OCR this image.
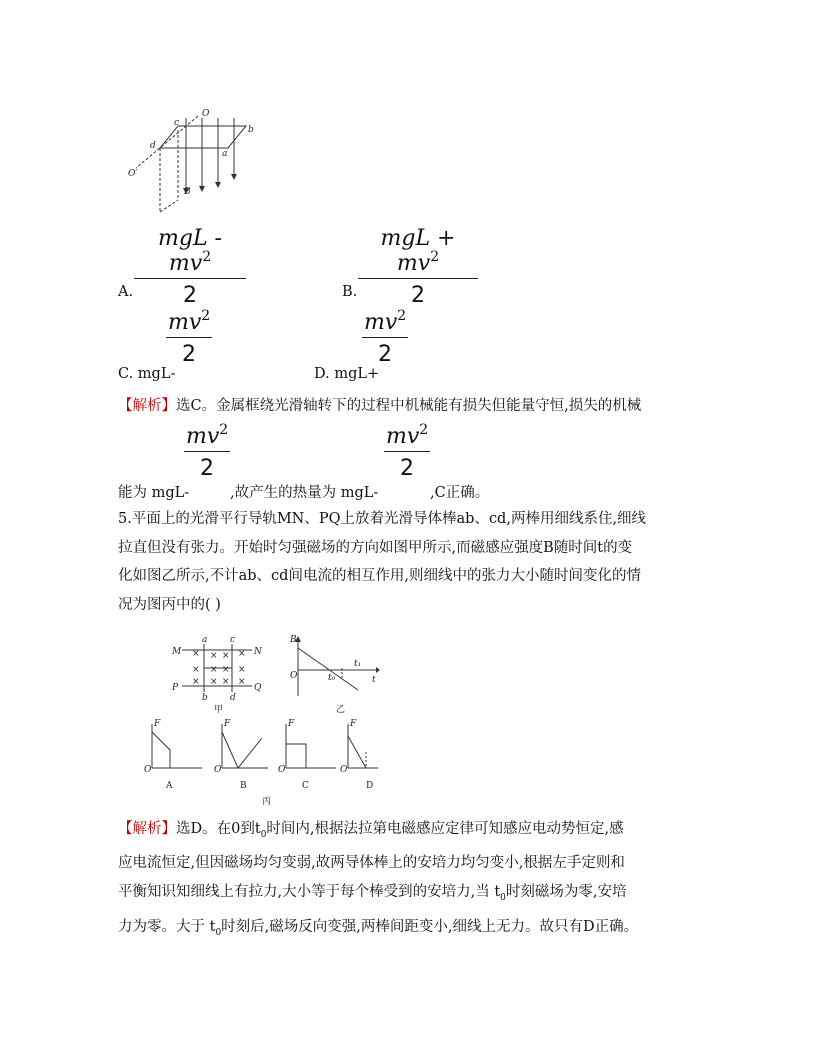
O
c
b
d
a
O′
B
A.
mgL - $mv^2$
2	B.
mgL + $mv^2$
2
C. mgL-
$mv^2$
2
D. mgL+
$mv^2$
2
【解析】选C。金属框绕光滑轴转下的过程中机械能有损失但能量守恒,损失的机械
能为 mgL-
$mv^2$
2
,故产生的热量为 mgL-
$mv^2$
2
,C正确。
5.平面上的光滑平行导轨MN、PQ上放着光滑导体棒ab、cd,两棒用细线系住,细线
拉直但没有张力。开始时匀强磁场的方向如图甲所示,而磁感应强度B随时间t的变
化如图乙所示,不计ab、cd间电流的相互作用,则细线中的张力大小随时间变化的情
况为图丙中的( )
M	N
P	Q
a	c
b d
B
O	t₀
t₁
t
F	F	F	F
O	O	O	O
× × × ×
× × × ×
× × × ×
甲	乙
A	B	C	D
丙
【解析】选D。在0到$t_0$时间内,根据法拉第电磁感应定律可知感应电动势恒定,感
应电流恒定,但因磁场均匀变弱,故两导体棒上的安培力均匀变小,根据左手定则和
平衡知识知细线上有拉力,大小等于每个棒受到的安培力,当 $t_0$时刻磁场为零,安培
力为零。大于 $t_0$时刻后,磁场反向变强,两棒间距变小,细线上无力。故只有D正确。
